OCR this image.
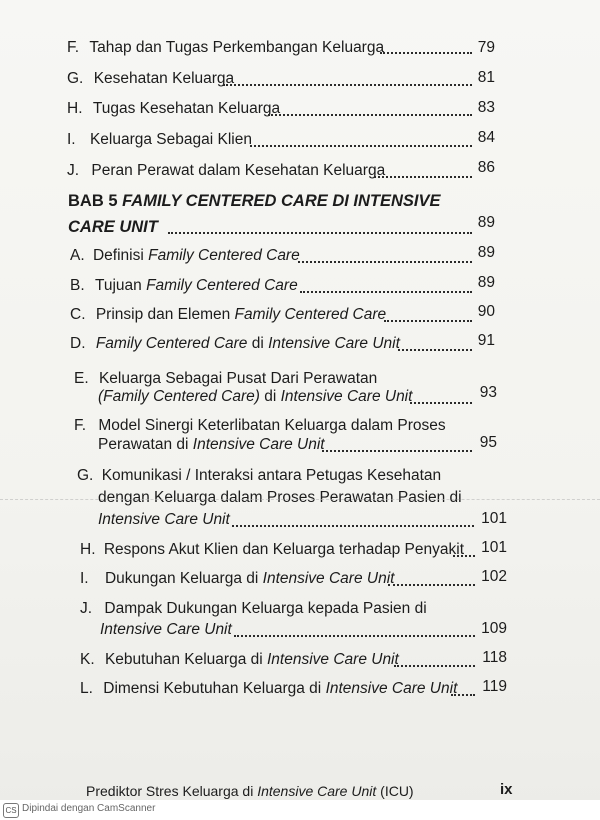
F. Tahap dan Tugas Perkembangan Keluarga	79
G. Kesehatan Keluarga	81
H. Tugas Kesehatan Keluarga	83
I. Keluarga Sebagai Klien	84
J. Peran Perawat dalam Kesehatan Keluarga	86
BAB 5 FAMILY CENTERED CARE DI INTENSIVE
CARE UNIT	89
A. Definisi Family Centered Care	89
B. Tujuan Family Centered Care	89
C. Prinsip dan Elemen Family Centered Care	90
D. Family Centered Care di Intensive Care Unit	91
E. Keluarga Sebagai Pusat Dari Perawatan
(Family Centered Care) di Intensive Care Unit	93
F. Model Sinergi Keterlibatan Keluarga dalam Proses
Perawatan di Intensive Care Unit	95
G. Komunikasi / Interaksi antara Petugas Kesehatan
dengan Keluarga dalam Proses Perawatan Pasien di
Intensive Care Unit	101
H. Respons Akut Klien dan Keluarga terhadap Penyakit	101
I. Dukungan Keluarga di Intensive Care Unit	102
J. Dampak Dukungan Keluarga kepada Pasien di
Intensive Care Unit	109
K. Kebutuhan Keluarga di Intensive Care Unit	118
L. Dimensi Kebutuhan Keluarga di Intensive Care Unit	119
Prediktor Stres Keluarga di Intensive Care Unit (ICU)	ix
CS Dipindai dengan CamScanner
